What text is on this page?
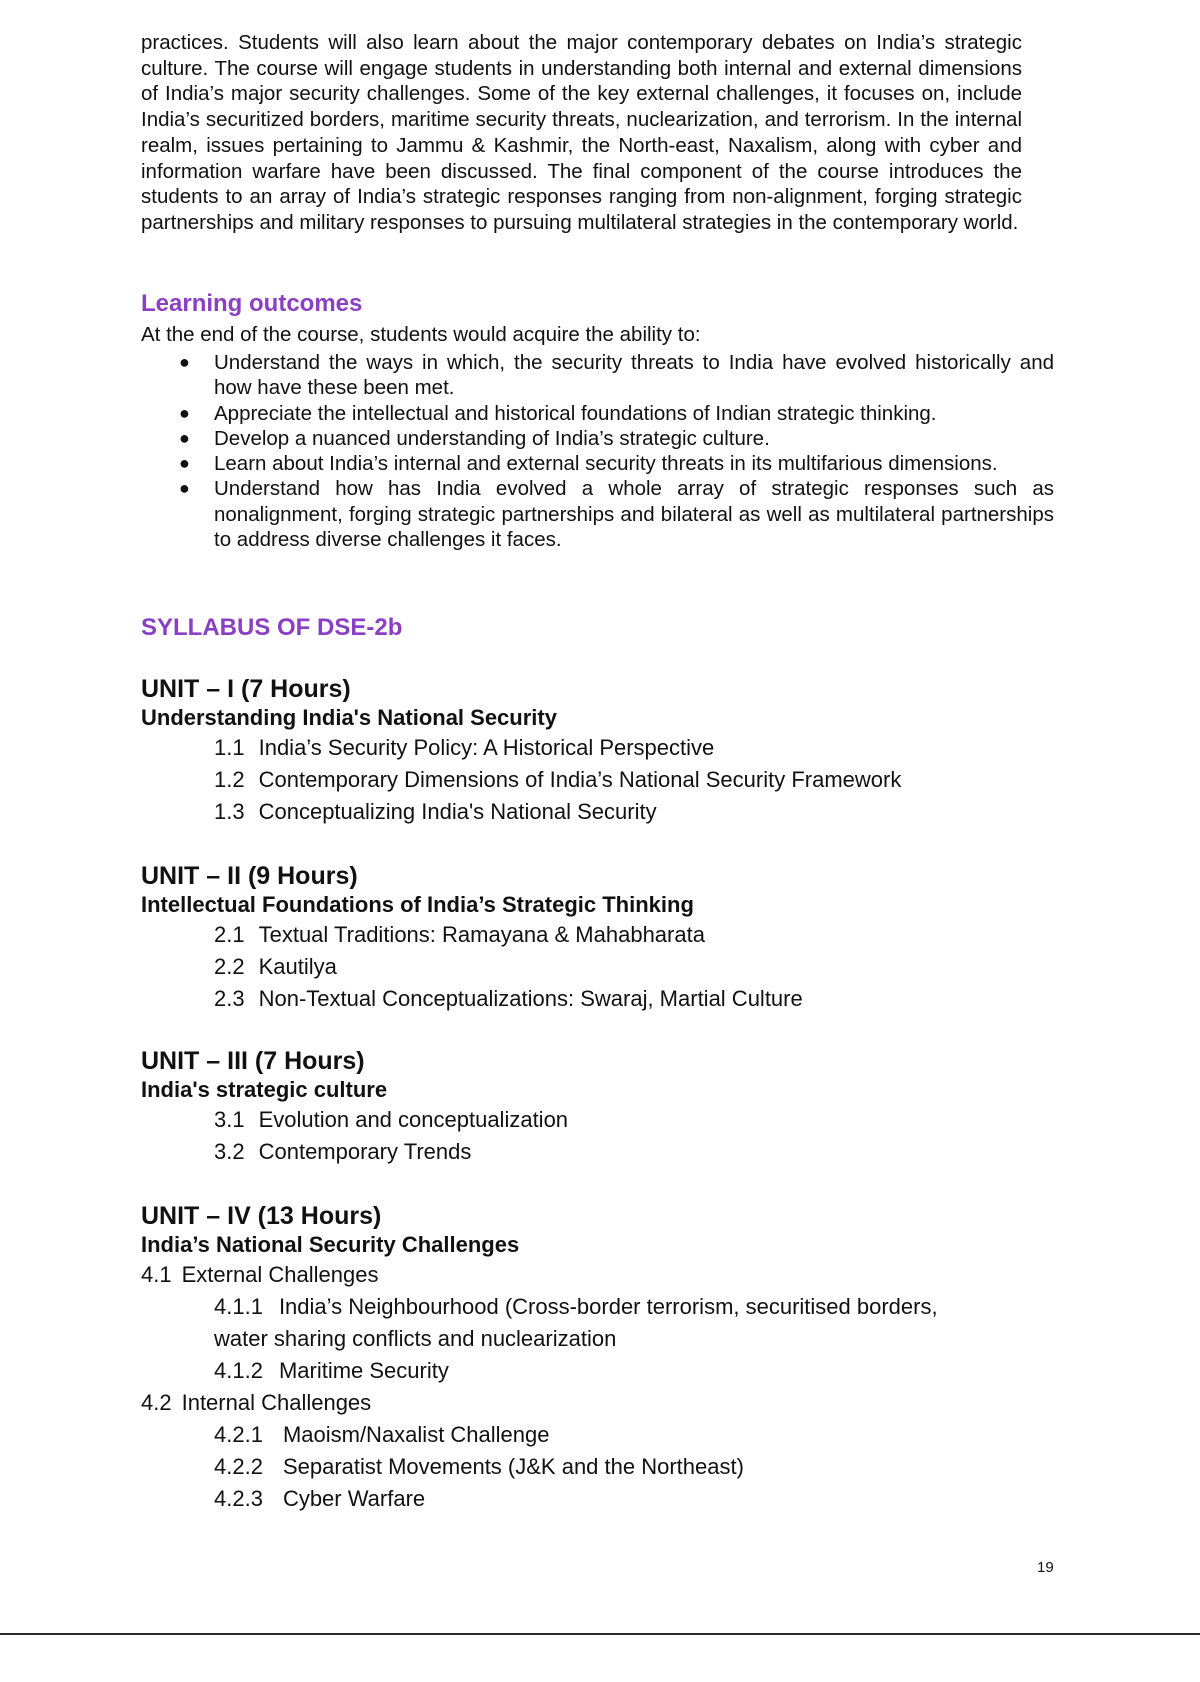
practices. Students will also learn about the major contemporary debates on India’s strategic culture. The course will engage students in understanding both internal and external dimensions of India’s major security challenges. Some of the key external challenges, it focuses on, include India’s securitized borders, maritime security threats, nuclearization, and terrorism. In the internal realm, issues pertaining to Jammu & Kashmir, the North-east, Naxalism, along with cyber and information warfare have been discussed. The final component of the course introduces the students to an array of India’s strategic responses ranging from non-alignment, forging strategic partnerships and military responses to pursuing multilateral strategies in the contemporary world.

Learning outcomes

At the end of the course, students would acquire the ability to:

● Understand the ways in which, the security threats to India have evolved historically and how have these been met.
● Appreciate the intellectual and historical foundations of Indian strategic thinking.
● Develop a nuanced understanding of India’s strategic culture.
● Learn about India’s internal and external security threats in its multifarious dimensions.
● Understand how has India evolved a whole array of strategic responses such as nonalignment, forging strategic partnerships and bilateral as well as multilateral partnerships to address diverse challenges it faces.
SYLLABUS OF DSE-2b
UNIT – I (7 Hours)
Understanding India's National Security

1.1 India’s Security Policy: A Historical Perspective

1.2 Contemporary Dimensions of India’s National Security Framework

1.3 Conceptualizing India's National Security

UNIT – II (9 Hours)
Intellectual Foundations of India’s Strategic Thinking

2.1 Textual Traditions: Ramayana & Mahabharata

2.2 Kautilya

2.3 Non-Textual Conceptualizations: Swaraj, Martial Culture

UNIT – III (7 Hours)
India's strategic culture

3.1 Evolution and conceptualization

3.2 Contemporary Trends

UNIT – IV (13 Hours)
India’s National Security Challenges

4.1 External Challenges

4.1.1 India’s Neighbourhood (Cross-border terrorism, securitised borders,

water sharing conflicts and nuclearization

4.1.2 Maritime Security

4.2 Internal Challenges

4.2.1 Maoism/Naxalist Challenge

4.2.2 Separatist Movements (J&K and the Northeast)

4.2.3 Cyber Warfare

19
